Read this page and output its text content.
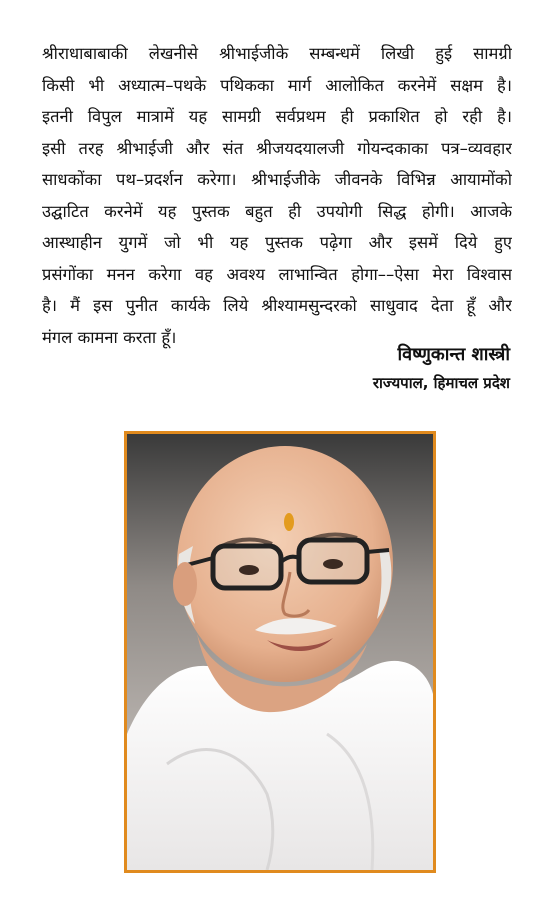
श्रीराधाबाबाकी लेखनीसे श्रीभाईजीके सम्बन्धमें लिखी हुई सामग्री
किसी भी अध्यात्म–पथके पथिकका मार्ग आलोकित करनेमें सक्षम है।
इतनी विपुल मात्रामें यह सामग्री सर्वप्रथम ही प्रकाशित हो रही है।
इसी तरह श्रीभाईजी और संत श्रीजयदयालजी गोयन्दकाका पत्र–व्यवहार
साधकोंका पथ–प्रदर्शन करेगा। श्रीभाईजीके जीवनके विभिन्न आयामोंको
उद्घाटित करनेमें यह पुस्तक बहुत ही उपयोगी सिद्ध होगी। आजके
आस्थाहीन युगमें जो भी यह पुस्तक पढ़ेगा और इसमें दिये हुए
प्रसंगोंका मनन करेगा वह अवश्य लाभान्वित होगा––ऐसा मेरा विश्वास
है। मैं इस पुनीत कार्यके लिये श्रीश्यामसुन्दरको साधुवाद देता हूँ और
मंगल कामना करता हूँ।
विष्णुकान्त शास्त्री
राज्यपाल, हिमाचल प्रदेश
